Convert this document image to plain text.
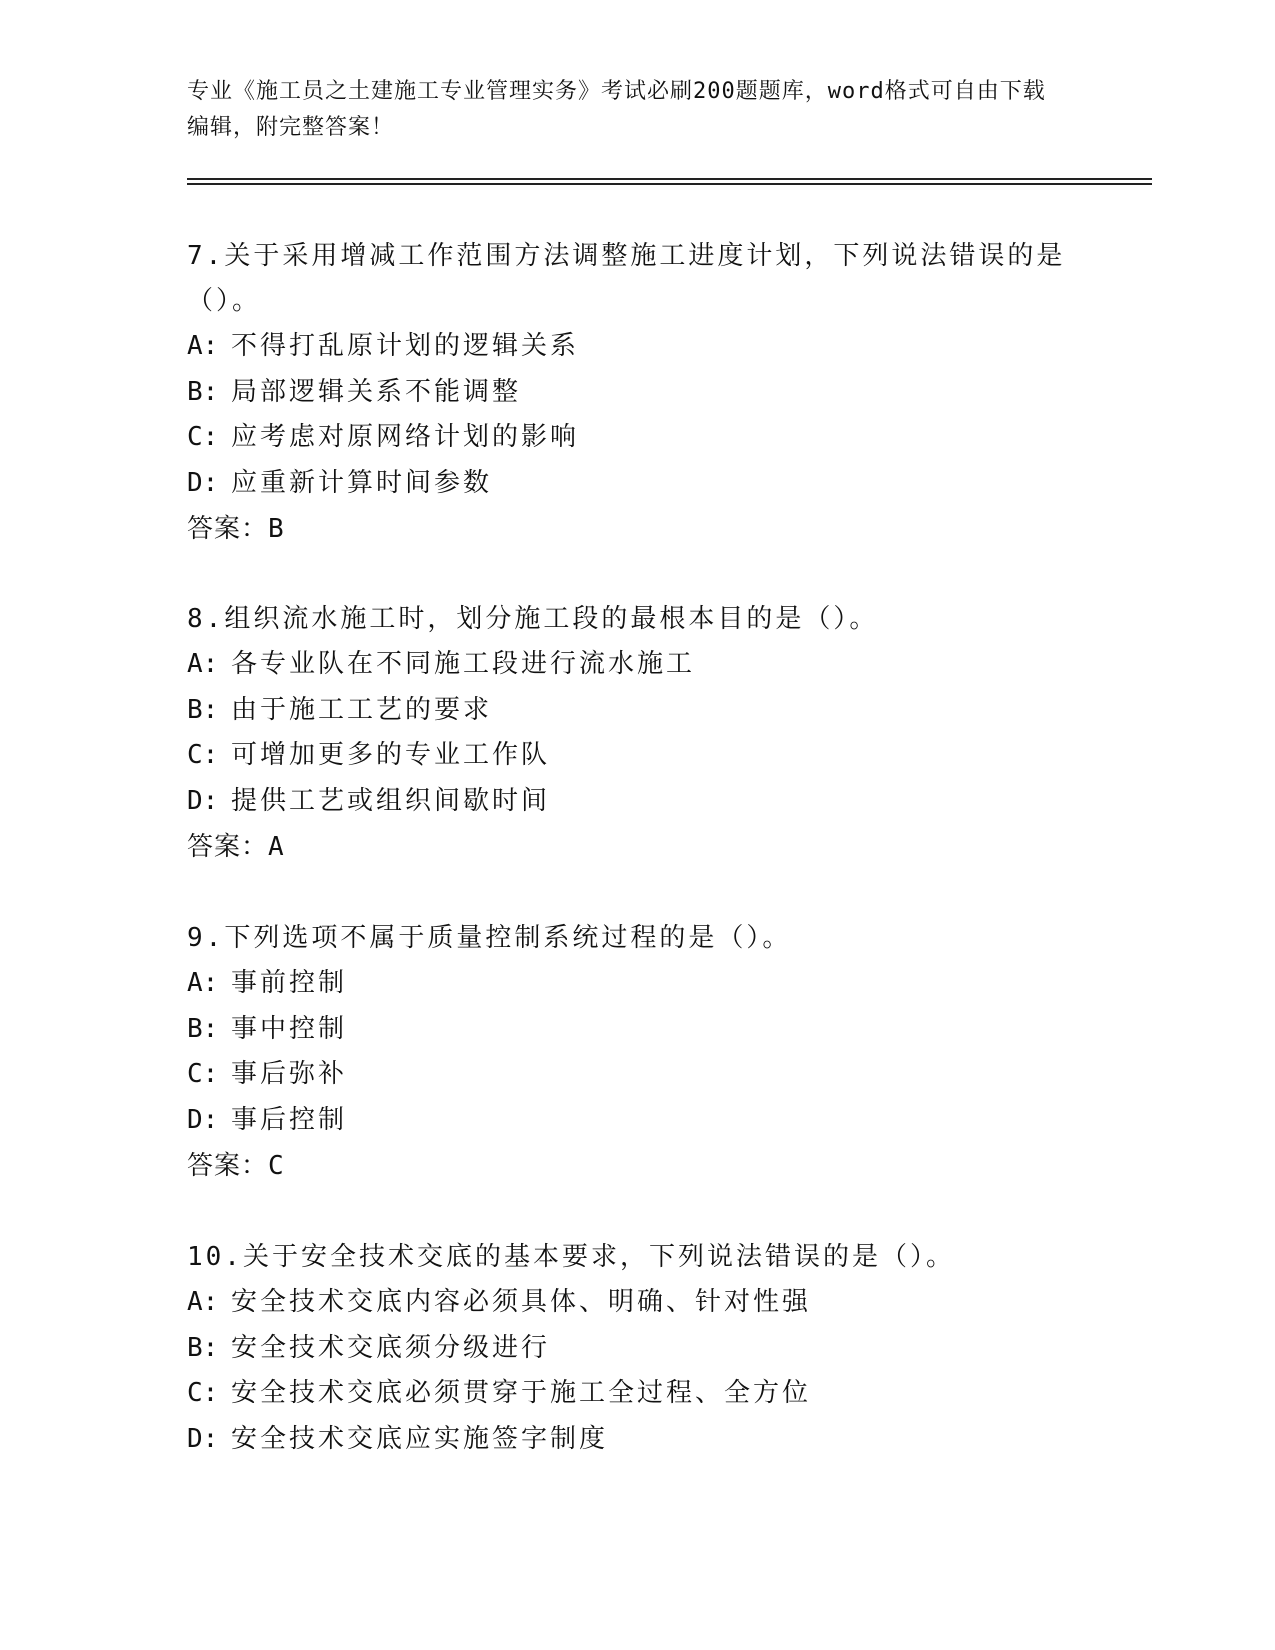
专业《施工员之土建施工专业管理实务》考试必刷200题题库，word格式可自由下载编辑，附完整答案！
7.关于采用增减工作范围方法调整施工进度计划，下列说法错误的是（）。
A: 不得打乱原计划的逻辑关系
B: 局部逻辑关系不能调整
C: 应考虑对原网络计划的影响
D: 应重新计算时间参数
答案：B
8.组织流水施工时，划分施工段的最根本目的是（）。
A: 各专业队在不同施工段进行流水施工
B: 由于施工工艺的要求
C: 可增加更多的专业工作队
D: 提供工艺或组织间歇时间
答案：A
9.下列选项不属于质量控制系统过程的是（）。
A: 事前控制
B: 事中控制
C: 事后弥补
D: 事后控制
答案：C
10.关于安全技术交底的基本要求，下列说法错误的是（）。
A: 安全技术交底内容必须具体、明确、针对性强
B: 安全技术交底须分级进行
C: 安全技术交底必须贯穿于施工全过程、全方位
D: 安全技术交底应实施签字制度
